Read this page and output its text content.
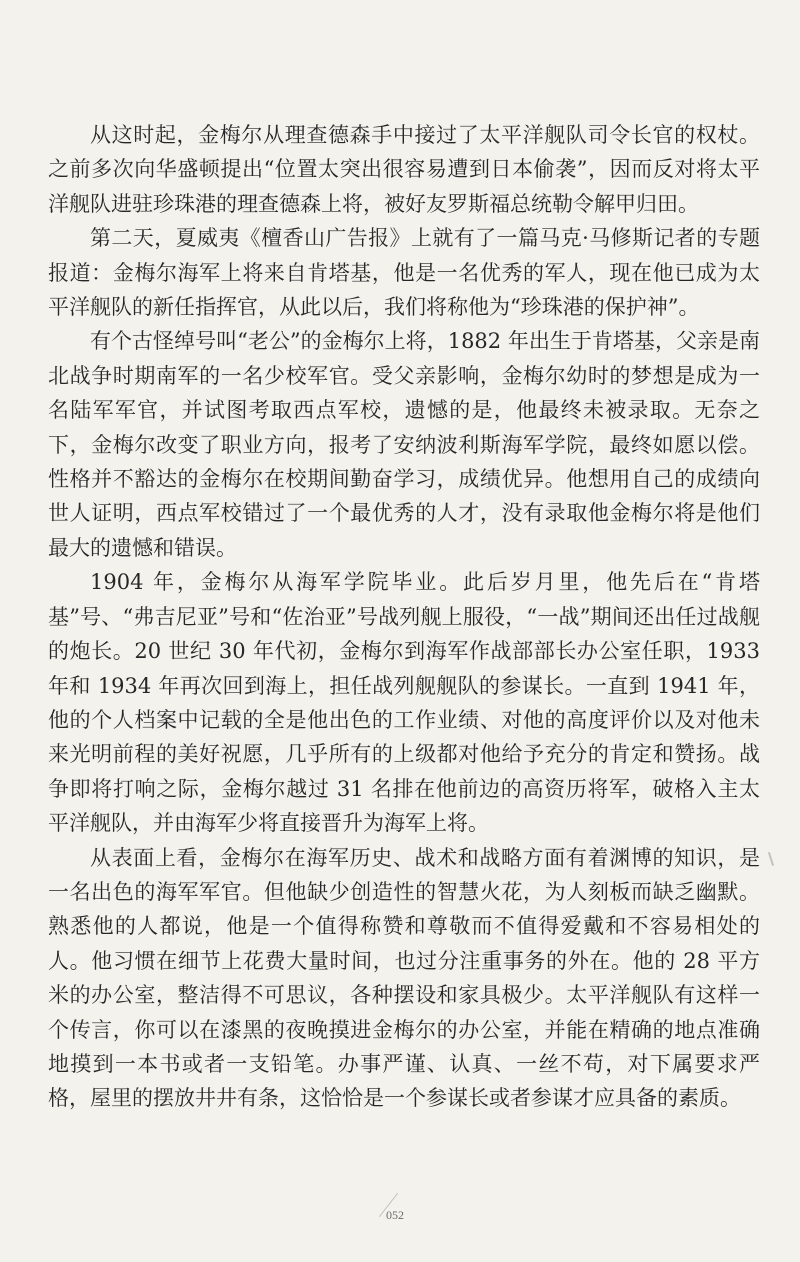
从这时起，金梅尔从理查德森手中接过了太平洋舰队司令长官的权杖。之前多次向华盛顿提出“位置太突出很容易遭到日本偷袭”，因而反对将太平洋舰队进驻珍珠港的理查德森上将，被好友罗斯福总统勒令解甲归田。

第二天，夏威夷《檀香山广告报》上就有了一篇马克·马修斯记者的专题报道：金梅尔海军上将来自肯塔基，他是一名优秀的军人，现在他已成为太平洋舰队的新任指挥官，从此以后，我们将称他为“珍珠港的保护神”。

有个古怪绰号叫“老公”的金梅尔上将，1882 年出生于肯塔基，父亲是南北战争时期南军的一名少校军官。受父亲影响，金梅尔幼时的梦想是成为一名陆军军官，并试图考取西点军校，遗憾的是，他最终未被录取。无奈之下，金梅尔改变了职业方向，报考了安纳波利斯海军学院，最终如愿以偿。性格并不豁达的金梅尔在校期间勤奋学习，成绩优异。他想用自己的成绩向世人证明，西点军校错过了一个最优秀的人才，没有录取他金梅尔将是他们最大的遗憾和错误。

1904 年，金梅尔从海军学院毕业。此后岁月里，他先后在“肯塔基”号、“弗吉尼亚”号和“佐治亚”号战列舰上服役，“一战”期间还出任过战舰的炮长。20 世纪 30 年代初，金梅尔到海军作战部部长办公室任职，1933 年和 1934 年再次回到海上，担任战列舰舰队的参谋长。一直到 1941 年，他的个人档案中记载的全是他出色的工作业绩、对他的高度评价以及对他未来光明前程的美好祝愿，几乎所有的上级都对他给予充分的肯定和赞扬。战争即将打响之际，金梅尔越过 31 名排在他前边的高资历将军，破格入主太平洋舰队，并由海军少将直接晋升为海军上将。

从表面上看，金梅尔在海军历史、战术和战略方面有着渊博的知识，是一名出色的海军军官。但他缺少创造性的智慧火花，为人刻板而缺乏幽默。熟悉他的人都说，他是一个值得称赞和尊敬而不值得爱戴和不容易相处的人。他习惯在细节上花费大量时间，也过分注重事务的外在。他的 28 平方米的办公室，整洁得不可思议，各种摆设和家具极少。太平洋舰队有这样一个传言，你可以在漆黑的夜晚摸进金梅尔的办公室，并能在精确的地点准确地摸到一本书或者一支铅笔。办事严谨、认真、一丝不苟，对下属要求严格，屋里的摆放井井有条，这恰恰是一个参谋长或者参谋才应具备的素质。

052
